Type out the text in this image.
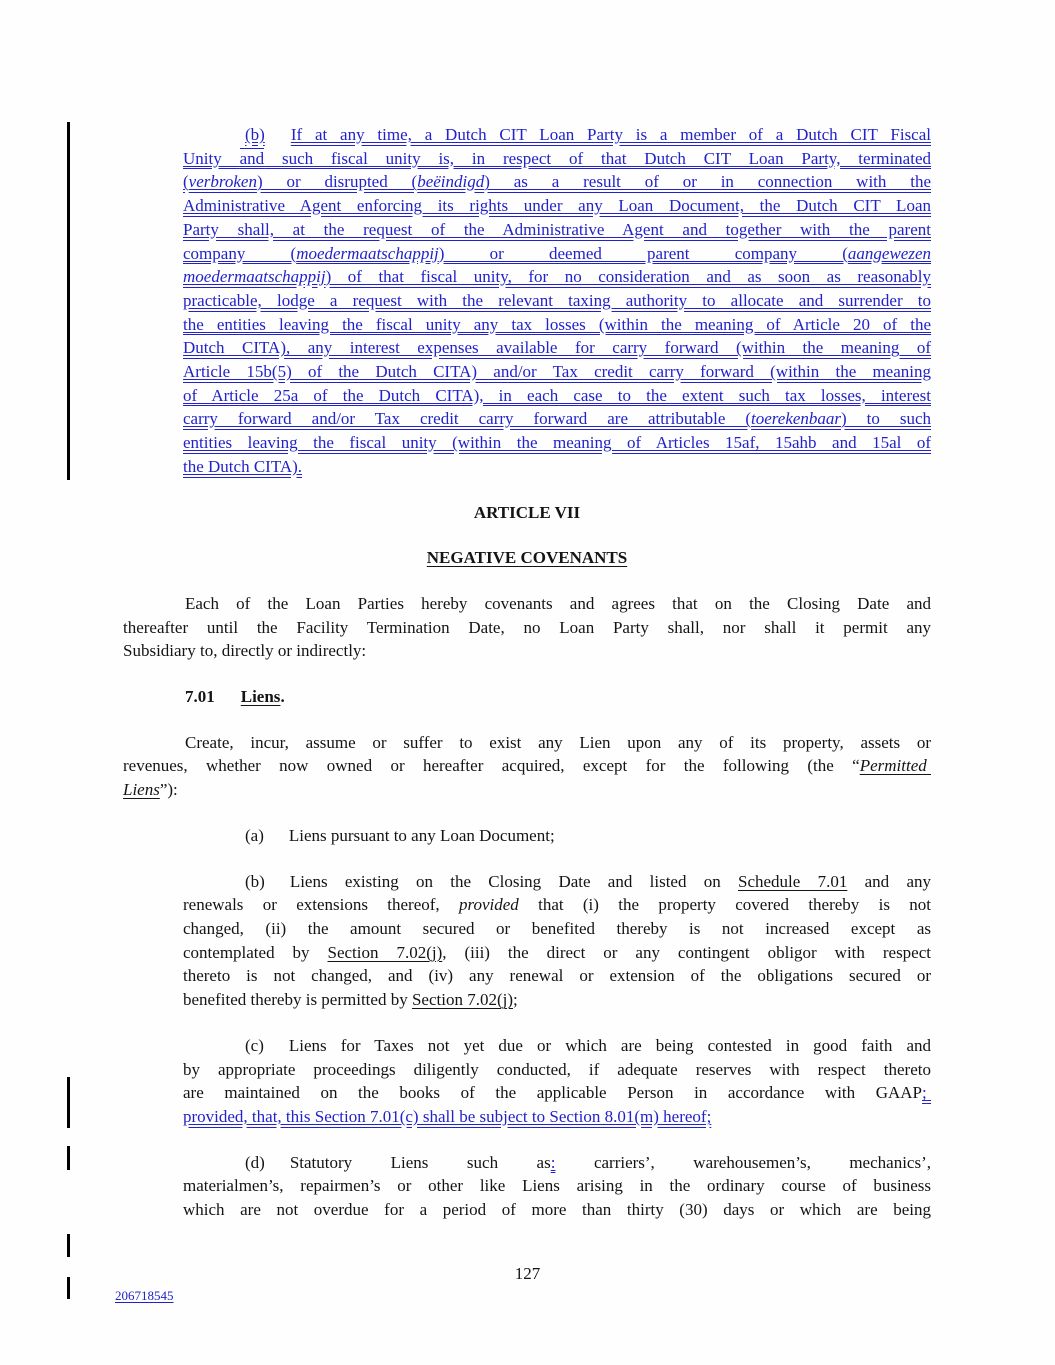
(b) If at any time, a Dutch CIT Loan Party is a member of a Dutch CIT Fiscal
Unity and such fiscal unity is, in respect of that Dutch CIT Loan Party, terminated
(verbroken) or disrupted (beëindigd) as a result of or in connection with the
Administrative Agent enforcing its rights under any Loan Document, the Dutch CIT Loan
Party shall, at the request of the Administrative Agent and together with the parent
company (moedermaatschappij) or deemed parent company (aangewezen
moedermaatschappij) of that fiscal unity, for no consideration and as soon as reasonably
practicable, lodge a request with the relevant taxing authority to allocate and surrender to
the entities leaving the fiscal unity any tax losses (within the meaning of Article 20 of the
Dutch CITA), any interest expenses available for carry forward (within the meaning of
Article 15b(5) of the Dutch CITA) and/or Tax credit carry forward (within the meaning
of Article 25a of the Dutch CITA), in each case to the extent such tax losses, interest
carry forward and/or Tax credit carry forward are attributable (toerekenbaar) to such
entities leaving the fiscal unity (within the meaning of Articles 15af, 15ahb and 15al of
the Dutch CITA).
ARTICLE VII
NEGATIVE COVENANTS
Each of the Loan Parties hereby covenants and agrees that on the Closing Date and
thereafter until the Facility Termination Date, no Loan Party shall, nor shall it permit any
Subsidiary to, directly or indirectly:
7.01 Liens.
Create, incur, assume or suffer to exist any Lien upon any of its property, assets or
revenues, whether now owned or hereafter acquired, except for the following (the “Permitted
Liens”):
(a) Liens pursuant to any Loan Document;
(b) Liens existing on the Closing Date and listed on Schedule 7.01 and any
renewals or extensions thereof, provided that (i) the property covered thereby is not
changed, (ii) the amount secured or benefited thereby is not increased except as
contemplated by Section 7.02(j), (iii) the direct or any contingent obligor with respect
thereto is not changed, and (iv) any renewal or extension of the obligations secured or
benefited thereby is permitted by Section 7.02(j);
(c) Liens for Taxes not yet due or which are being contested in good faith and
by appropriate proceedings diligently conducted, if adequate reserves with respect thereto
are maintained on the books of the applicable Person in accordance with GAAP;
provided, that, this Section 7.01(c) shall be subject to Section 8.01(m) hereof;
(d) Statutory Liens such as: carriers’, warehousemen’s, mechanics’,
materialmen’s, repairmen’s or other like Liens arising in the ordinary course of business
which are not overdue for a period of more than thirty (30) days or which are being
127
206718545
